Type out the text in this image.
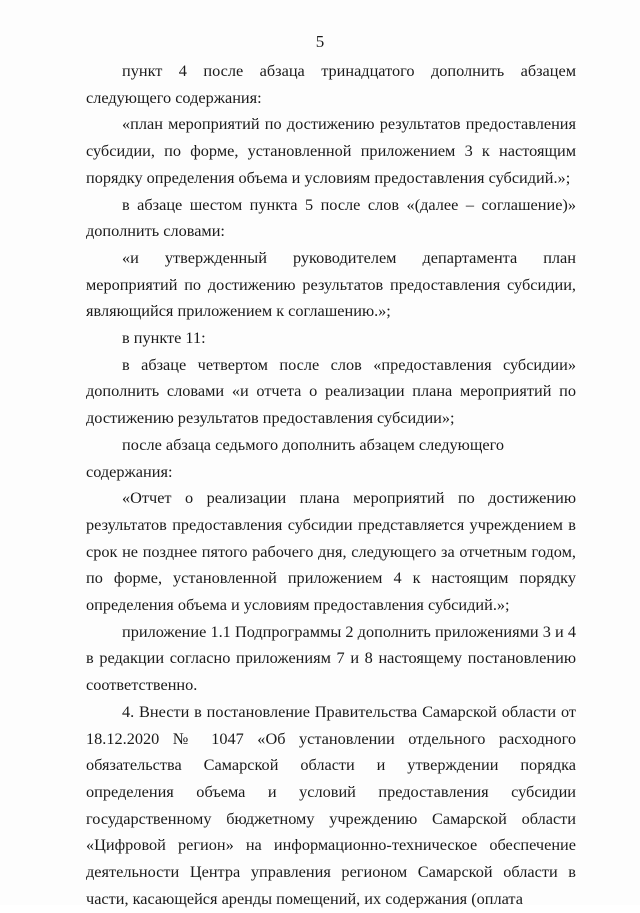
5

пункт 4 после абзаца тринадцатого дополнить абзацем следующего содержания:

«план мероприятий по достижению результатов предоставления субсидии, по форме, установленной приложением 3 к настоящим порядку определения объема и условиям предоставления субсидий.»;

в абзаце шестом пункта 5 после слов «(далее – соглашение)» дополнить словами:

«и утвержденный руководителем департамента план мероприятий по достижению результатов предоставления субсидии, являющийся приложением к соглашению.»;

в пункте 11:

в абзаце четвертом после слов «предоставления субсидии» дополнить словами «и отчета о реализации плана мероприятий по достижению результатов предоставления субсидии»;

после абзаца седьмого дополнить абзацем следующего содержания:

«Отчет о реализации плана мероприятий по достижению результатов предоставления субсидии представляется учреждением в срок не позднее пятого рабочего дня, следующего за отчетным годом, по форме, установленной приложением 4 к настоящим порядку определения объема и условиям предоставления субсидий.»;

приложение 1.1 Подпрограммы 2 дополнить приложениями 3 и 4 в редакции согласно приложениям 7 и 8 настоящему постановлению соответственно.

4. Внести в постановление Правительства Самарской области от 18.12.2020 № 1047 «Об установлении отдельного расходного обязательства Самарской области и утверждении порядка определения объема и условий предоставления субсидии государственному бюджетному учреждению Самарской области «Цифровой регион» на информационно-техническое обеспечение деятельности Центра управления регионом Самарской области в части, касающейся аренды помещений, их содержания (оплата
